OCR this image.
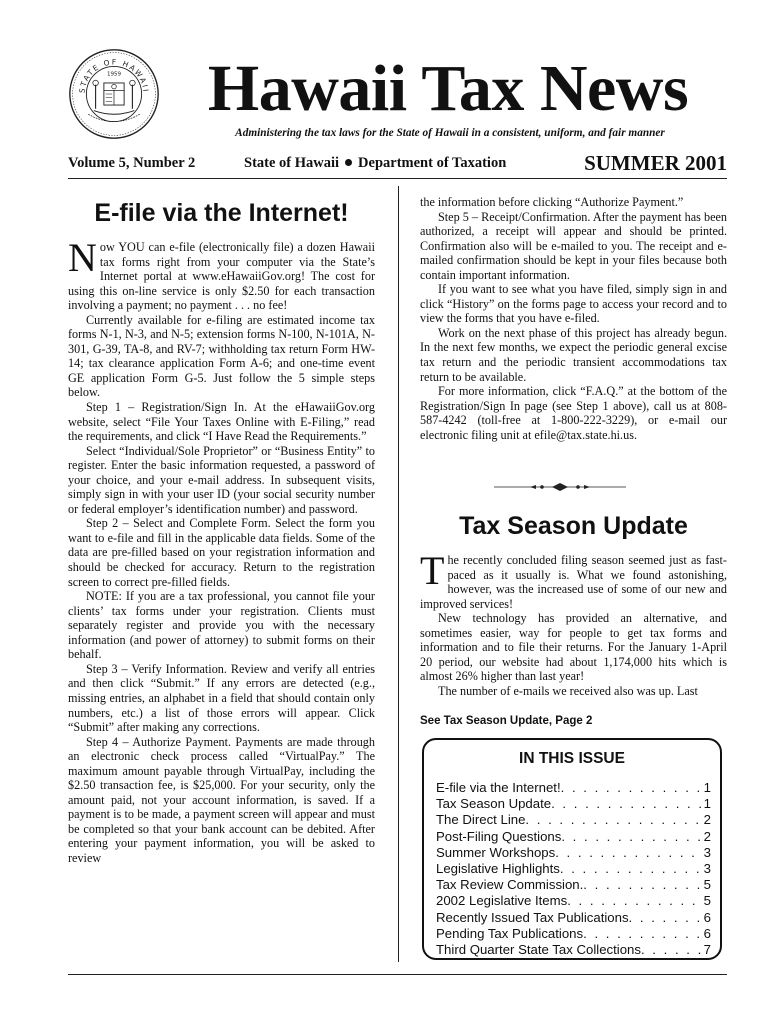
STATE OF HAWAII
1959	Hawaii Tax News
Administering the tax laws for the State of Hawaii in a consistent, uniform, and fair manner
Volume 5, Number 2	State of Hawaii Department of Taxation	SUMMER 2001
E-file via the Internet!

Now YOU can e-file (electronically file) a dozen Hawaii tax forms right from your computer via the State’s Internet portal at www.eHawaiiGov.org! The cost for using this on-line service is only $2.50 for each transaction involving a payment; no payment . . . no fee!

Currently available for e-filing are estimated income tax forms N-1, N-3, and N-5; extension forms N-100, N-101A, N-301, G-39, TA-8, and RV-7; withholding tax return Form HW-14; tax clearance application Form A-6; and one-time event GE application Form G-5. Just follow the 5 simple steps below.

Step 1 – Registration/Sign In. At the eHawaiiGov.org website, select “File Your Taxes Online with E-Filing,” read the requirements, and click “I Have Read the Requirements.”

Select “Individual/Sole Proprietor” or “Business Entity” to register. Enter the basic information requested, a password of your choice, and your e-mail address. In subsequent visits, simply sign in with your user ID (your social security number or federal employer’s identification number) and password.

Step 2 – Select and Complete Form. Select the form you want to e-file and fill in the applicable data fields. Some of the data are pre-filled based on your registration information and should be checked for accuracy. Return to the registration screen to correct pre-filled fields.

NOTE: If you are a tax professional, you cannot file your clients’ tax forms under your registration. Clients must separately register and provide you with the necessary information (and power of attorney) to submit forms on their behalf.

Step 3 – Verify Information. Review and verify all entries and then click “Submit.” If any errors are detected (e.g., missing entries, an alphabet in a field that should contain only numbers, etc.) a list of those errors will appear. Click “Submit” after making any corrections.

Step 4 – Authorize Payment. Payments are made through an electronic check process called “VirtualPay.” The maximum amount payable through VirtualPay, including the $2.50 transaction fee, is $25,000. For your security, only the amount paid, not your account information, is saved. If a payment is to be made, a payment screen will appear and must be completed so that your bank account can be debited. After entering your payment information, you will be asked to review

the information before clicking “Authorize Payment.”

Step 5 – Receipt/Confirmation. After the payment has been authorized, a receipt will appear and should be printed. Confirmation also will be e-mailed to you. The receipt and e-mailed confirmation should be kept in your files because both contain important information.

If you want to see what you have filed, simply sign in and click “History” on the forms page to access your record and to view the forms that you have e-filed.

Work on the next phase of this project has already begun. In the next few months, we expect the periodic general excise tax return and the periodic transient accommodations tax return to be available.

For more information, click “F.A.Q.” at the bottom of the Registration/Sign In page (see Step 1 above), call us at 808-587-4242 (toll-free at 1-800-222-3229), or e-mail our electronic filing unit at efile@tax.state.hi.us.

Tax Season Update

The recently concluded filing season seemed just as fast-paced as it usually is. What we found astonishing, however, was the increased use of some of our new and improved services!

New technology has provided an alternative, and sometimes easier, way for people to get tax forms and information and to file their returns. For the January 1-April 20 period, our website had about 1,174,000 hits which is almost 26% higher than last year!

The number of e-mails we received also was up. Last

See Tax Season Update, Page 2
IN THIS ISSUE
E-file via the Internet! . . .	1
Tax Season Update . . .	1
The Direct Line . . .	2
Post-Filing Questions . . .	2
Summer Workshops . . .	3
Legislative Highlights . . .	3
Tax Review Commission. . . .	5
2002 Legislative Items . . .	5
Recently Issued Tax Publications . . .	6
Pending Tax Publications . . .	6
Third Quarter State Tax Collections . . .	7
